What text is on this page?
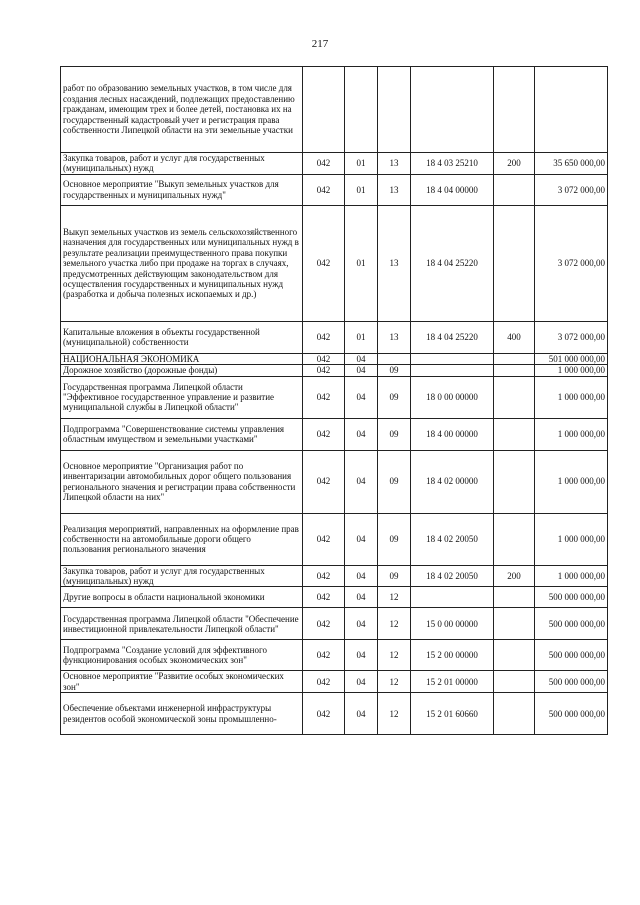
217
работ по образованию земельных участков, в том числе для создания лесных насаждений, подлежащих предоставлению гражданам, имеющим трех и более детей, постановка их на государственный кадастровый учет и регистрация права собственности Липецкой области на эти земельные участки						
Закупка товаров, работ и услуг для государственных (муниципальных) нужд	042	01	13	18 4 03 25210	200	35 650 000,00
Основное мероприятие "Выкуп земельных участков для государственных и муниципальных нужд"	042	01	13	18 4 04 00000		3 072 000,00
Выкуп земельных участков из земель сельскохозяйственного назначения для государственных или муниципальных нужд в результате реализации преимущественного права покупки земельного участка либо при продаже на торгах в случаях, предусмотренных действующим законодательством для осуществления государственных и муниципальных нужд (разработка и добыча полезных ископаемых и др.)	042	01	13	18 4 04 25220		3 072 000,00
Капитальные вложения в объекты государственной (муниципальной) собственности	042	01	13	18 4 04 25220	400	3 072 000,00
НАЦИОНАЛЬНАЯ ЭКОНОМИКА	042	04				501 000 000,00
Дорожное хозяйство (дорожные фонды)	042	04	09			1 000 000,00
Государственная программа Липецкой области "Эффективное государственное управление и развитие муниципальной службы в Липецкой области"	042	04	09	18 0 00 00000		1 000 000,00
Подпрограмма "Совершенствование системы управления областным имуществом и земельными участками"	042	04	09	18 4 00 00000		1 000 000,00
Основное мероприятие "Организация работ по инвентаризации автомобильных дорог общего пользования регионального значения и регистрации права собственности Липецкой области на них"	042	04	09	18 4 02 00000		1 000 000,00
Реализация мероприятий, направленных на оформление прав собственности на автомобильные дороги общего пользования регионального значения	042	04	09	18 4 02 20050		1 000 000,00
Закупка товаров, работ и услуг для государственных (муниципальных) нужд	042	04	09	18 4 02 20050	200	1 000 000,00
Другие вопросы в области национальной экономики	042	04	12			500 000 000,00
Государственная программа Липецкой области "Обеспечение инвестиционной привлекательности Липецкой области"	042	04	12	15 0 00 00000		500 000 000,00
Подпрограмма "Создание условий для эффективного функционирования особых экономических зон"	042	04	12	15 2 00 00000		500 000 000,00
Основное мероприятие "Развитие особых экономических зон"	042	04	12	15 2 01 00000		500 000 000,00
Обеспечение объектами инженерной инфраструктуры резидентов особой экономической зоны промышленно-	042	04	12	15 2 01 60660		500 000 000,00
